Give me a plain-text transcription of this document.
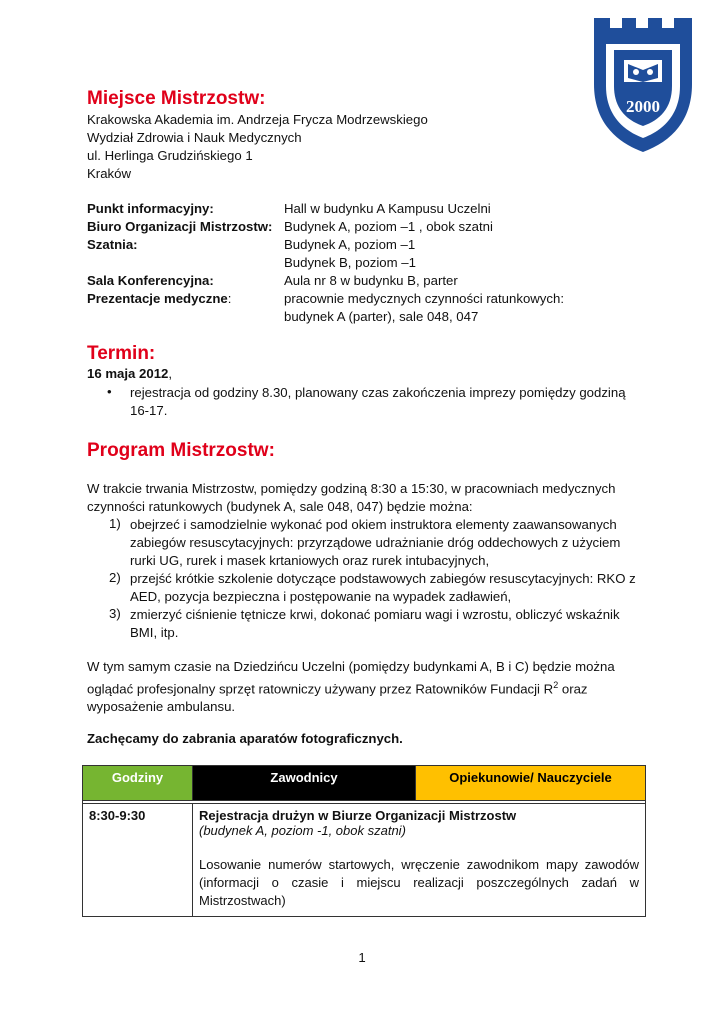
2000
Miejsce Mistrzostw:
Krakowska Akademia im. Andrzeja Frycza Modrzewskiego
Wydział Zdrowia i Nauk Medycznych
ul. Herlinga Grudzińskiego 1
Kraków
Punkt informacyjny:	Hall w budynku A Kampusu Uczelni
Biuro Organizacji Mistrzostw: Budynek A, poziom –1 , obok szatni
Szatnia:	Budynek A, poziom –1
Budynek B, poziom –1
Sala Konferencyjna:	Aula nr 8 w budynku B, parter
Prezentacje medyczne:	pracownie medycznych czynności ratunkowych:
budynek A (parter), sale 048, 047
Termin:
16 maja 2012,
• rejestracja od godziny 8.30, planowany czas zakończenia imprezy pomiędzy godziną 16-17.
Program Mistrzostw:
W trakcie trwania Mistrzostw, pomiędzy godziną 8:30 a 15:30, w pracowniach medycznych czynności ratunkowych (budynek A, sale 048, 047) będzie można:
1) obejrzeć i samodzielnie wykonać pod okiem instruktora elementy zaawansowanych zabiegów resuscytacyjnych: przyrządowe udrażnianie dróg oddechowych z użyciem rurki UG, rurek i masek krtaniowych oraz rurek intubacyjnych,
2) przejść krótkie szkolenie dotyczące podstawowych zabiegów resuscytacyjnych: RKO z AED, pozycja bezpieczna i postępowanie na wypadek zadławień,
3) zmierzyć ciśnienie tętnicze krwi, dokonać pomiaru wagi i wzrostu, obliczyć wskaźnik BMI, itp.
W tym samym czasie na Dziedzińcu Uczelni (pomiędzy budynkami A, B i C) będzie można oglądać profesjonalny sprzęt ratowniczy używany przez Ratowników Fundacji $R^2$ oraz wyposażenie ambulansu.
Zachęcamy do zabrania aparatów fotograficznych.
Godziny	Zawodnicy	Opiekunowie/ Nauczyciele

8:30-9:30	Rejestracja drużyn w Biurze Organizacji Mistrzostw
(budynek A, poziom -1, obok szatni)
Losowanie numerów startowych, wręczenie zawodnikom mapy zawodów (informacji o czasie i miejscu realizacji poszczególnych zadań w Mistrzostwach)	
1
